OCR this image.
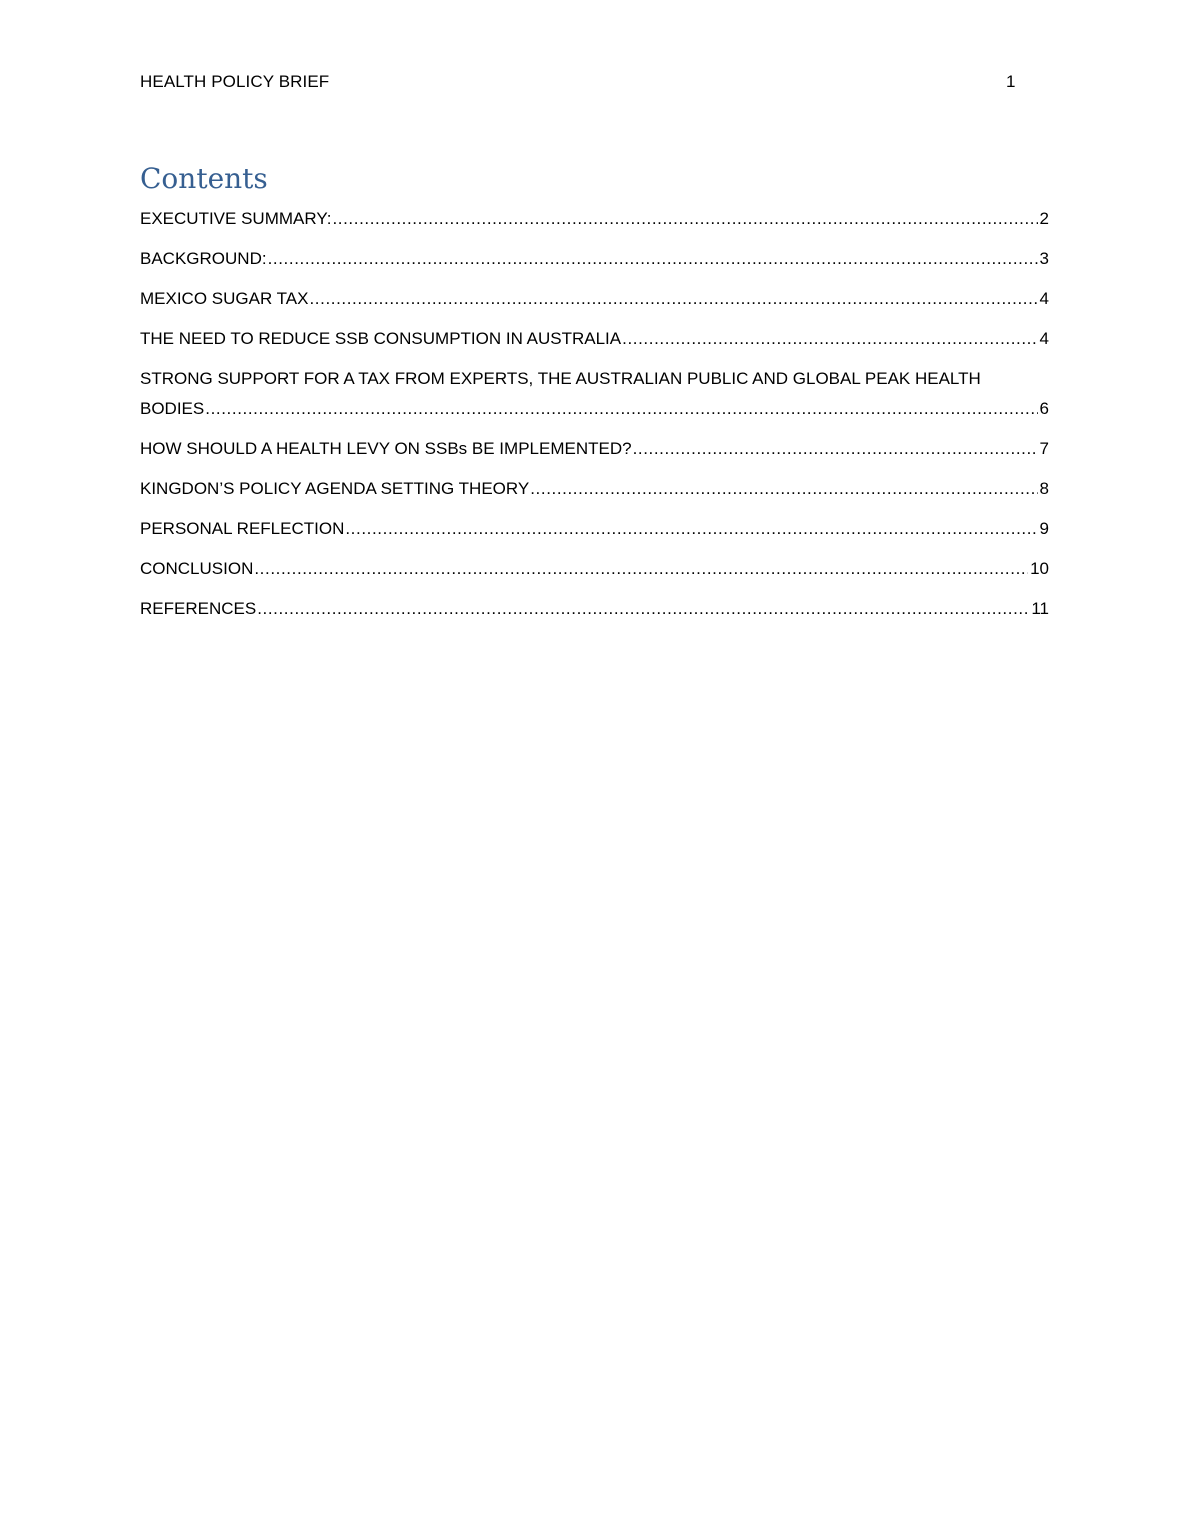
HEALTH POLICY BRIEF	1
Contents
EXECUTIVE SUMMARY: .....	2
BACKGROUND: .....	3
MEXICO SUGAR TAX .....	4
THE NEED TO REDUCE SSB CONSUMPTION IN AUSTRALIA .....	4
STRONG SUPPORT FOR A TAX FROM EXPERTS, THE AUSTRALIAN PUBLIC AND GLOBAL PEAK HEALTH
BODIES .....	6
HOW SHOULD A HEALTH LEVY ON SSBs BE IMPLEMENTED? .....	7
KINGDON’S POLICY AGENDA SETTING THEORY .....	8
PERSONAL REFLECTION .....	9
CONCLUSION .....	10
REFERENCES .....	11
